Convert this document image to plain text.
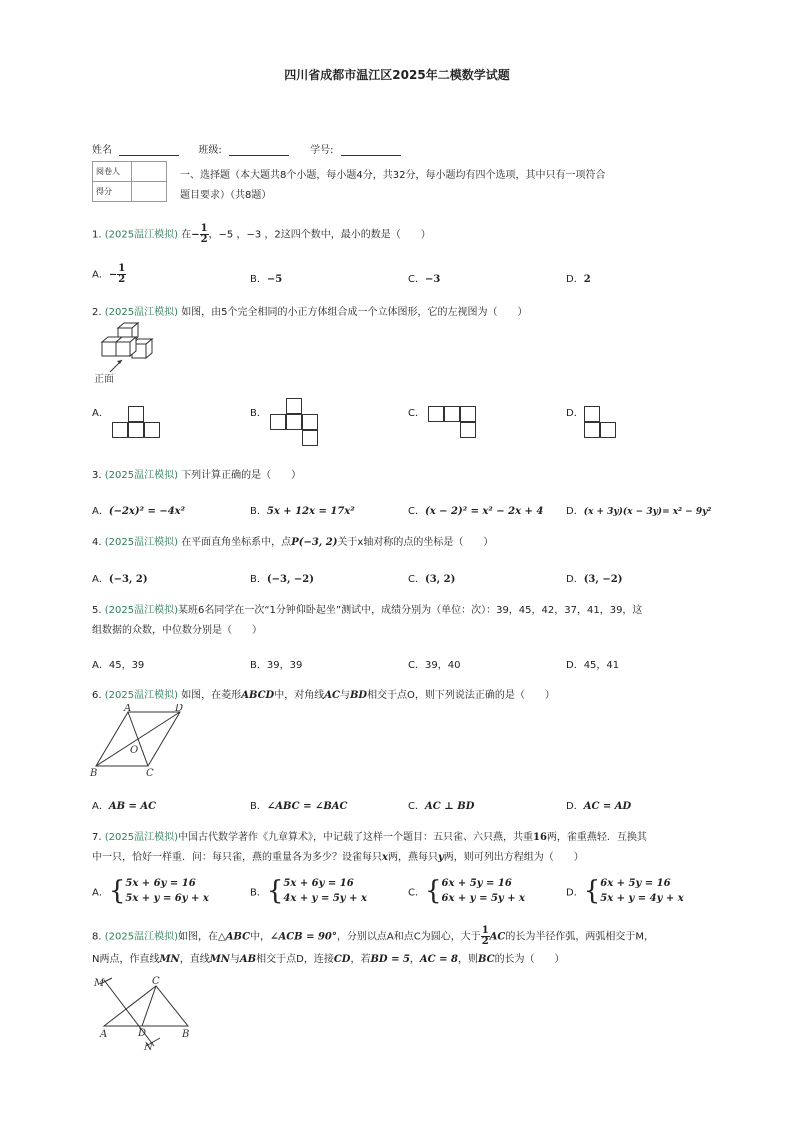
四川省成都市温江区2025年二模数学试题
姓名	班级:	学号:
阅卷人	
得分	
一、选择题（本大题共8个小题，每小题4分，共32分，每小题均有四个选项，其中只有一项符合
题目要求）（共8题）
1. (2025温江模拟) 在− $\frac{1}{2}$ ，−5 ，−3 ，2这四个数中，最小的数是（　　）
A．− $\frac{1}{2}$	B．−5	C．−3	D．2
2. (2025温江模拟) 如图，由5个完全相同的小正方体组合成一个立体图形，它的左视图为（　　）
正面
A．	B．	C．	D．
3. (2025温江模拟) 下列计算正确的是（　　）
A．(−2x)² = −4x²	B．5x + 12x = 17x²	C．(x − 2)² = x² − 2x + 4 D．(x + 3y)(x − 3y)= x² − 9y²
4. (2025温江模拟) 在平面直角坐标系中，点P(−3, 2)关于x轴对称的点的坐标是（　　）
A．(−3, 2)	B．(−3, −2)	C．(3, 2)	D．(3, −2)
5. (2025温江模拟)某班6名同学在一次“1分钟仰卧起坐”测试中，成绩分别为（单位：次）：39，45，42，37，41，39，这
组数据的众数，中位数分别是（　　）
A．45，39	B．39，39	C．39，40	D．45，41
6. (2025温江模拟) 如图，在菱形ABCD中，对角线AC与BD相交于点O，则下列说法正确的是（　　）
A	D
B	C
O
A．AB = AC	B．∠ABC = ∠BAC	C．AC ⊥ BD	D．AC = AD
7. (2025温江模拟)中国古代数学著作《九章算术》，中记载了这样一个题目：五只雀、六只燕，共重16两，雀重燕轻．互换其
中一只，恰好一样重．问：每只雀，燕的重量各为多少？设雀每只x两，燕每只y两，则可列出方程组为（　　）
A．{ 5x + 6y = 16
5x + y = 6y + x	B．{ 5x + 6y = 16
4x + y = 5y + x	C．{ 6x + 5y = 16
6x + y = 5y + x	D．{ 6x + 5y = 16
5x + y = 4y + x
8. (2025温江模拟)如图，在△ABC中，∠ACB = 90°，分别以点A和点C为圆心，大于 $\frac{1}{2}$ AC的长为半径作弧，两弧相交于M，
N两点，作直线MN，直线MN与AB相交于点D，连接CD，若BD = 5，AC = 8，则BC的长为（　　）
M	C
A	D	B
N
